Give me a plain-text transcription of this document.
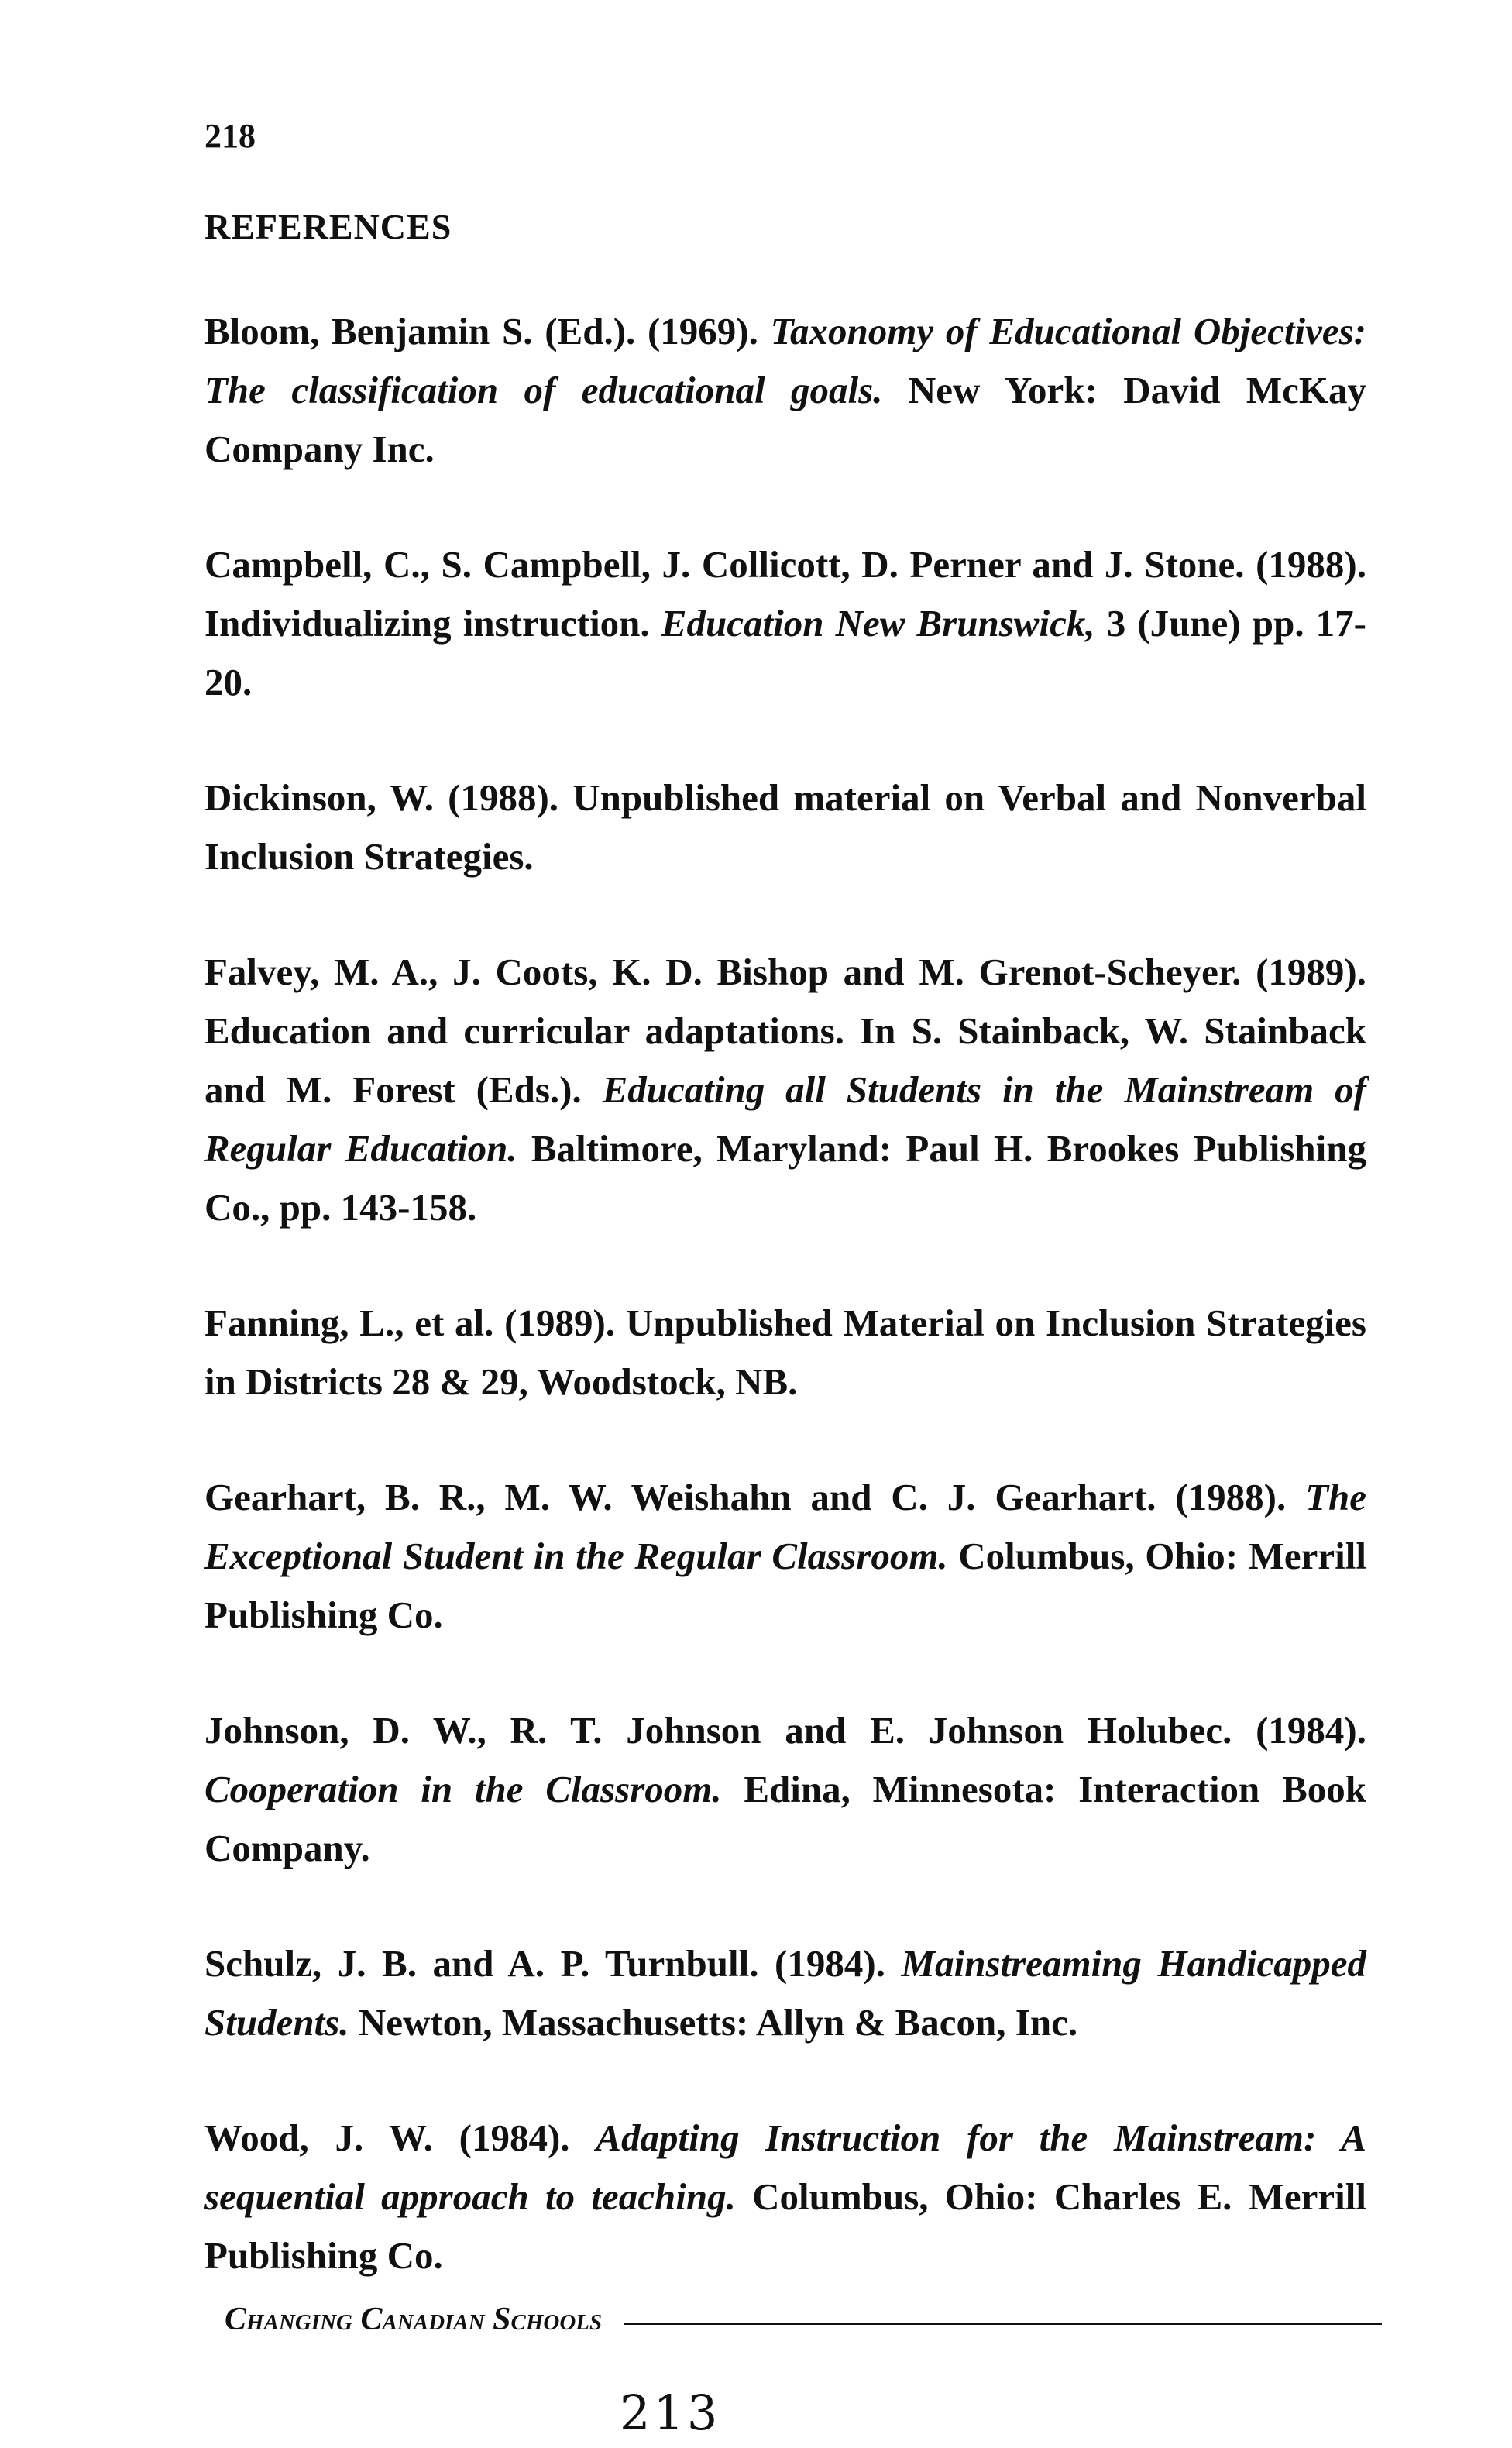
218
REFERENCES

Bloom, Benjamin S. (Ed.). (1969). Taxonomy of Educational Objectives: The classification of educational goals. New York: David McKay Company Inc.

Campbell, C., S. Campbell, J. Collicott, D. Perner and J. Stone. (1988). Individualizing instruction. Education New Brunswick, 3 (June) pp. 17-20.

Dickinson, W. (1988). Unpublished material on Verbal and Nonverbal Inclusion Strategies.

Falvey, M. A., J. Coots, K. D. Bishop and M. Grenot-Scheyer. (1989). Education and curricular adaptations. In S. Stainback, W. Stainback and M. Forest (Eds.). Educating all Students in the Mainstream of Regular Education. Baltimore, Maryland: Paul H. Brookes Publishing Co., pp. 143-158.

Fanning, L., et al. (1989). Unpublished Material on Inclusion Strategies in Districts 28 & 29, Woodstock, NB.

Gearhart, B. R., M. W. Weishahn and C. J. Gearhart. (1988). The Exceptional Student in the Regular Classroom. Columbus, Ohio: Merrill Publishing Co.

Johnson, D. W., R. T. Johnson and E. Johnson Holubec. (1984). Cooperation in the Classroom. Edina, Minnesota: Interaction Book Company.

Schulz, J. B. and A. P. Turnbull. (1984). Mainstreaming Handicapped Students. Newton, Massachusetts: Allyn & Bacon, Inc.

Wood, J. W. (1984). Adapting Instruction for the Mainstream: A sequential approach to teaching. Columbus, Ohio: Charles E. Merrill Publishing Co.

Changing Canadian Schools
213
